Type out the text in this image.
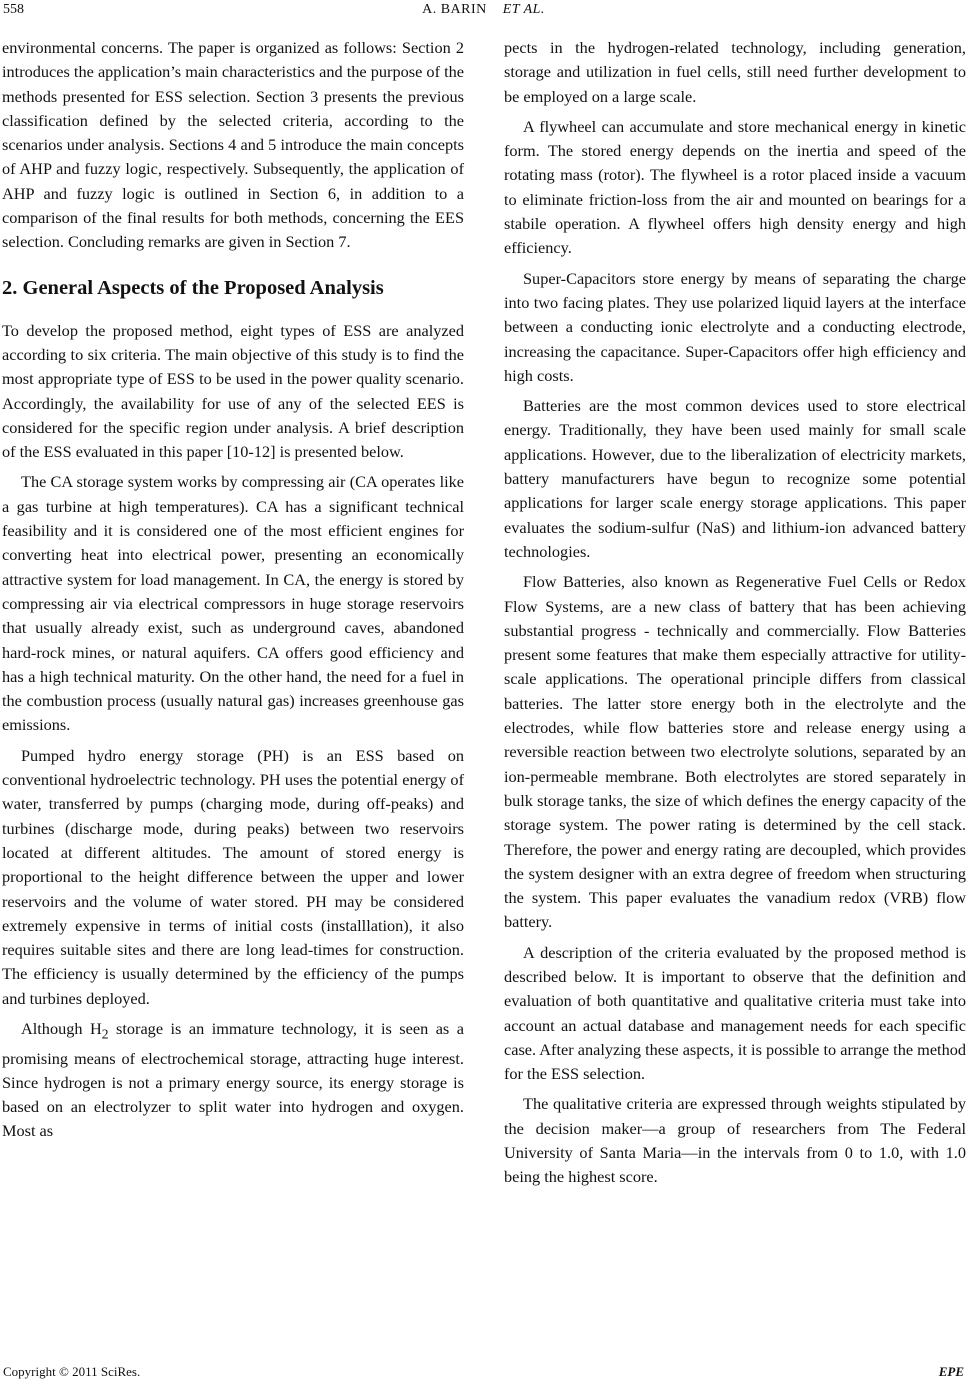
558	A. BARIN ET AL.

environmental concerns. The paper is organized as follows: Section 2 introduces the application’s main characteristics and the purpose of the methods presented for ESS selection. Section 3 presents the previous classification defined by the selected criteria, according to the scenarios under analysis. Sections 4 and 5 introduce the main concepts of AHP and fuzzy logic, respectively. Subsequently, the application of AHP and fuzzy logic is outlined in Section 6, in addition to a comparison of the final results for both methods, concerning the EES selection. Concluding remarks are given in Section 7.

2. General Aspects of the Proposed Analysis

To develop the proposed method, eight types of ESS are analyzed according to six criteria. The main objective of this study is to find the most appropriate type of ESS to be used in the power quality scenario. Accordingly, the availability for use of any of the selected EES is considered for the specific region under analysis. A brief description of the ESS evaluated in this paper [10-12] is presented below.

The CA storage system works by compressing air (CA operates like a gas turbine at high temperatures). CA has a significant technical feasibility and it is considered one of the most efficient engines for converting heat into electrical power, presenting an economically attractive system for load management. In CA, the energy is stored by compressing air via electrical compressors in huge storage reservoirs that usually already exist, such as underground caves, abandoned hard-rock mines, or natural aquifers. CA offers good efficiency and has a high technical maturity. On the other hand, the need for a fuel in the combustion process (usually natural gas) increases greenhouse gas emissions.

Pumped hydro energy storage (PH) is an ESS based on conventional hydroelectric technology. PH uses the potential energy of water, transferred by pumps (charging mode, during off-peaks) and turbines (discharge mode, during peaks) between two reservoirs located at different altitudes. The amount of stored energy is proportional to the height difference between the upper and lower reservoirs and the volume of water stored. PH may be considered extremely expensive in terms of initial costs (installlation), it also requires suitable sites and there are long lead-times for construction. The efficiency is usually determined by the efficiency of the pumps and turbines deployed.

Although $H_2$ storage is an immature technology, it is seen as a promising means of electrochemical storage, attracting huge interest. Since hydrogen is not a primary energy source, its energy storage is based on an electrolyzer to split water into hydrogen and oxygen. Most as

pects in the hydrogen-related technology, including generation, storage and utilization in fuel cells, still need further development to be employed on a large scale.

A flywheel can accumulate and store mechanical energy in kinetic form. The stored energy depends on the inertia and speed of the rotating mass (rotor). The flywheel is a rotor placed inside a vacuum to eliminate friction-loss from the air and mounted on bearings for a stabile operation. A flywheel offers high density energy and high efficiency.

Super-Capacitors store energy by means of separating the charge into two facing plates. They use polarized liquid layers at the interface between a conducting ionic electrolyte and a conducting electrode, increasing the capacitance. Super-Capacitors offer high efficiency and high costs.

Batteries are the most common devices used to store electrical energy. Traditionally, they have been used mainly for small scale applications. However, due to the liberalization of electricity markets, battery manufacturers have begun to recognize some potential applications for larger scale energy storage applications. This paper evaluates the sodium-sulfur (NaS) and lithium-ion advanced battery technologies.

Flow Batteries, also known as Regenerative Fuel Cells or Redox Flow Systems, are a new class of battery that has been achieving substantial progress - technically and commercially. Flow Batteries present some features that make them especially attractive for utility-scale applications. The operational principle differs from classical batteries. The latter store energy both in the electrolyte and the electrodes, while flow batteries store and release energy using a reversible reaction between two electrolyte solutions, separated by an ion-permeable membrane. Both electrolytes are stored separately in bulk storage tanks, the size of which defines the energy capacity of the storage system. The power rating is determined by the cell stack. Therefore, the power and energy rating are decoupled, which provides the system designer with an extra degree of freedom when structuring the system. This paper evaluates the vanadium redox (VRB) flow battery.

A description of the criteria evaluated by the proposed method is described below. It is important to observe that the definition and evaluation of both quantitative and qualitative criteria must take into account an actual database and management needs for each specific case. After analyzing these aspects, it is possible to arrange the method for the ESS selection.

The qualitative criteria are expressed through weights stipulated by the decision maker—a group of researchers from The Federal University of Santa Maria—in the intervals from 0 to 1.0, with 1.0 being the highest score.

Copyright © 2011 SciRes.	EPE
